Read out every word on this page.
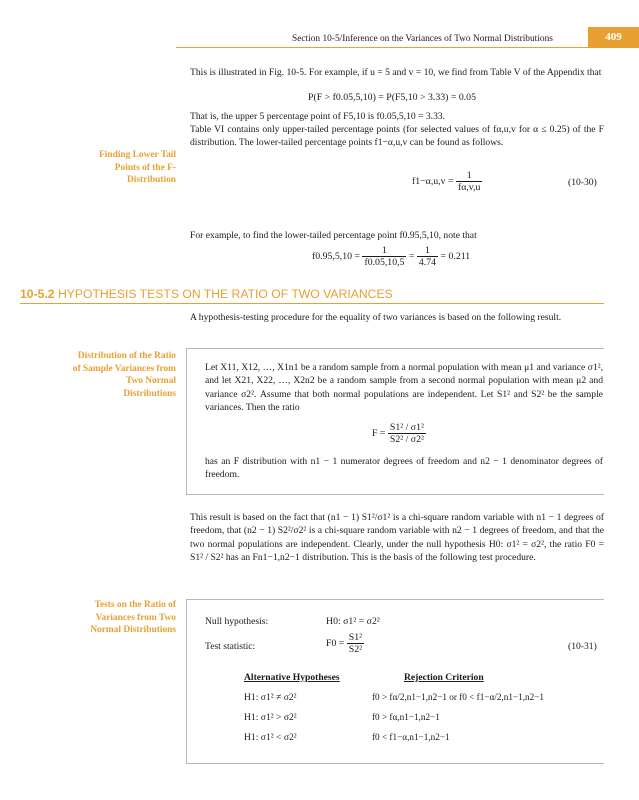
Section 10-5/Inference on the Variances of Two Normal Distributions	409
This is illustrated in Fig. 10-5. For example, if u = 5 and v = 10, we find from Table V of the Appendix that
P(F > f0.05,5,10) = P(F5,10 > 3.33) = 0.05
That is, the upper 5 percentage point of F5,10 is f0.05,5,10 = 3.33.
Table VI contains only upper-tailed percentage points (for selected values of fα,u,v for α ≤ 0.25) of the F distribution. The lower-tailed percentage points f1−α,u,v can be found as follows.
Finding Lower Tail Points of the F-Distribution	$f1-\alpha,u,v = \frac{1}{f\alpha,v,u}$	(10-30)
For example, to find the lower-tailed percentage point f0.95,5,10, note that
$f0.95,5,10 = \frac{1}{f0.05,10,5} = \frac{1}{4.74} = 0.211$
10-5.2 HYPOTHESIS TESTS ON THE RATIO OF TWO VARIANCES
A hypothesis-testing procedure for the equality of two variances is based on the following result.
Distribution of the Ratio of Sample Variances from Two Normal Distributions
Let X11, X12, …, X1n1 be a random sample from a normal population with mean μ1 and variance σ1², and let X21, X22, …, X2n2 be a random sample from a second normal population with mean μ2 and variance σ2². Assume that both normal populations are independent. Let S1² and S2² be the sample variances. Then the ratio
$F = \frac{\text{S1² / σ1²}}{\text{S2² / σ2²}}$
has an F distribution with n1 − 1 numerator degrees of freedom and n2 − 1 denominator degrees of freedom.
This result is based on the fact that (n1 − 1) S1²/σ1² is a chi-square random variable with n1 − 1 degrees of freedom, that (n2 − 1) S2²/σ2² is a chi-square random variable with n2 − 1 degrees of freedom, and that the two normal populations are independent. Clearly, under the null hypothesis H0: σ1² = σ2², the ratio F0 = S1² / S2² has an Fn1−1,n2−1 distribution. This is the basis of the following test procedure.
Tests on the Ratio of Variances from Two Normal Distributions
Null hypothesis:	H0: σ1² = σ2²
Test statistic:	$F0 = \frac{\text{S1²}}{\text{S2²}}$	(10-31)
Alternative Hypotheses	Rejection Criterion
H1: σ1² ≠ σ2²	f0 > fα/2,n1−1,n2−1 or f0 < f1−α/2,n1−1,n2−1
H1: σ1² > σ2²	f0 > fα,n1−1,n2−1
H1: σ1² < σ2²	f0 < f1−α,n1−1,n2−1
